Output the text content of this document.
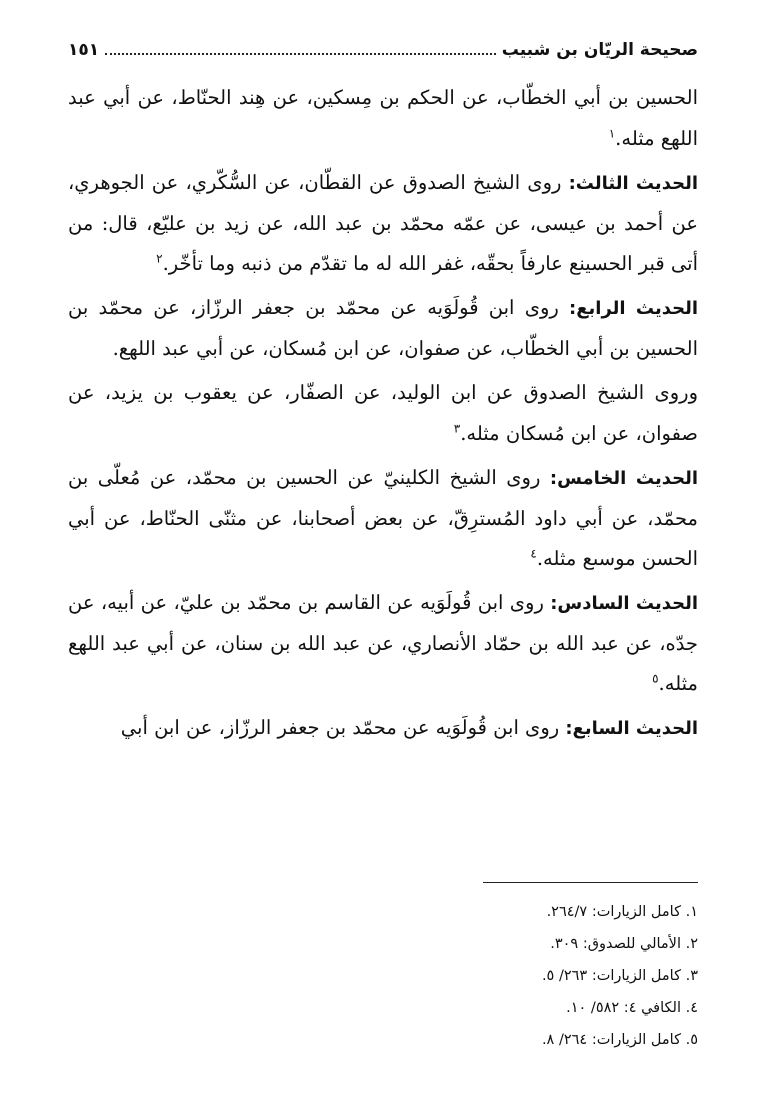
صحيحة الريّان بن شبيب
١٥١

الحسين بن أبي الخطّاب، عن الحكم بن مِسكين، عن هِند الحنّاط، عن أبي عبد اللهع مثله.$^١$

الحديث الثالث: روى الشيخ الصدوق عن القطّان، عن السُّكّري، عن الجوهري، عن أحمد بن عيسى، عن عمّه محمّد بن عبد الله، عن زيد بن عليّع، قال: من أتى قبر الحسينع عارفاً بحقّه، غفر الله له ما تقدّم من ذنبه وما تأخّر.$^٢$

الحديث الرابع: روى ابن قُولَوَيه عن محمّد بن جعفر الرزّاز، عن محمّد بن الحسين بن أبي الخطّاب، عن صفوان، عن ابن مُسكان، عن أبي عبد اللهع.

وروى الشيخ الصدوق عن ابن الوليد، عن الصفّار، عن يعقوب بن يزيد، عن صفوان، عن ابن مُسكان مثله.$^٣$

الحديث الخامس: روى الشيخ الكلينيّ عن الحسين بن محمّد، عن مُعلّى بن محمّد، عن أبي داود المُسترِقّ، عن بعض أصحابنا، عن مثنّى الحنّاط، عن أبي الحسن موسىع مثله.$^٤$

الحديث السادس: روى ابن قُولَوَيه عن القاسم بن محمّد بن عليّ، عن أبيه، عن جدّه، عن عبد الله بن حمّاد الأنصاري، عن عبد الله بن سنان، عن أبي عبد اللهع مثله.$^٥$

الحديث السابع: روى ابن قُولَوَيه عن محمّد بن جعفر الرزّاز، عن ابن أبي

١. كامل الزيارات: ٢٦٤/٧.

٢. الأمالي للصدوق: ٣٠٩.

٣. كامل الزيارات: ٢٦٣/ ٥.

٤. الكافي ٤: ٥٨٢/ ١٠.

٥. كامل الزيارات: ٢٦٤/ ٨.
